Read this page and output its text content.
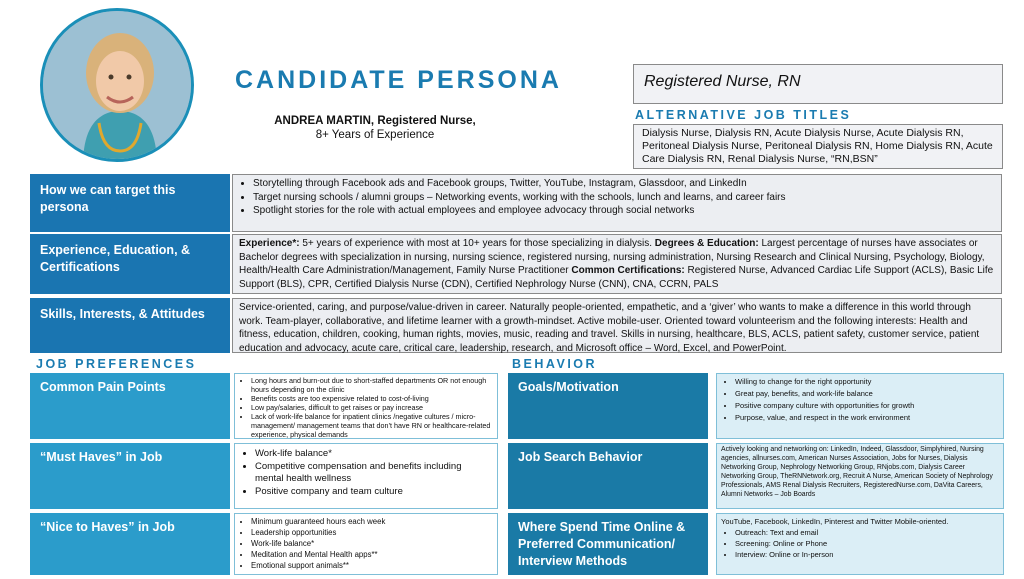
CANDIDATE PERSONA
ANDREA MARTIN, Registered Nurse,
8+ Years of Experience
Registered Nurse, RN
ALTERNATIVE JOB TITLES
Dialysis Nurse, Dialysis RN, Acute Dialysis Nurse, Acute Dialysis RN, Peritoneal Dialysis Nurse, Peritoneal Dialysis RN, Home Dialysis RN, Acute Care Dialysis RN, Renal Dialysis Nurse, “RN,BSN”
How we can target this persona
• Storytelling through Facebook ads and Facebook groups, Twitter, YouTube, Instagram, Glassdoor, and LinkedIn
• Target nursing schools / alumni groups – Networking events, working with the schools, lunch and learns, and career fairs
• Spotlight stories for the role with actual employees and employee advocacy through social networks
Experience, Education, & Certifications
Experience*: 5+ years of experience with most at 10+ years for those specializing in dialysis. Degrees & Education: Largest percentage of nurses have associates or Bachelor degrees with specialization in nursing, nursing science, registered nursing, nursing administration, Nursing Research and Clinical Nursing, Psychology, Biology, Health/Health Care Administration/Management, Family Nurse Practitioner Common Certifications: Registered Nurse, Advanced Cardiac Life Support (ACLS), Basic Life Support (BLS), CPR, Certified Dialysis Nurse (CDN), Certified Nephrology Nurse (CNN), CNA, CCRN, PALS
Skills, Interests, & Attitudes	Service-oriented, caring, and purpose/value-driven in career. Naturally people-oriented, empathetic, and a ‘giver’ who wants to make a difference in this world through work. Team-player, collaborative, and lifetime learner with a growth-mindset. Active mobile-user. Oriented toward volunteerism and the following interests: Health and fitness, education, children, cooking, human rights, movies, music, reading and travel. Skills in nursing, healthcare, BLS, ACLS, patient safety, customer service, patient education and advocacy, acute care, critical care, leadership, research, and Microsoft office – Word, Excel, and PowerPoint.
JOB PREFERENCES	BEHAVIOR
Common Pain Points	• Long hours and burn-out due to short-staffed departments OR not enough hours depending on the clinic
• Benefits costs are too expensive related to cost-of-living
• Low pay/salaries, difficult to get raises or pay increase
• Lack of work-life balance for inpatient clinics /negative cultures / micro-management/ management teams that don’t have RN or healthcare-related experience, physical demands
“Must Haves” in Job	• Work-life balance*
• Competitive compensation and benefits including mental health wellness
• Positive company and team culture
“Nice to Haves” in Job	• Minimum guaranteed hours each week
• Leadership opportunities
• Work-life balance*
• Meditation and Mental Health apps**
• Emotional support animals**
Goals/Motivation	• Willing to change for the right opportunity
• Great pay, benefits, and work-life balance
• Positive company culture with opportunities for growth
• Purpose, value, and respect in the work environment
Job Search Behavior
Actively looking and networking on: LinkedIn, Indeed, Glassdoor, Simplyhired, Nursing agencies, allnurses.com, American Nurses Association, Jobs for Nurses, Dialysis Networking Group, Nephrology Networking Group, RNjobs.com, Dialysis Career Networking Group, TheRNNetwork.org, Recruit A Nurse, American Society of Nephrology Professionals, AMS Renal Dialysis Recruiters, RegisteredNurse.com, DaVita Careers, Alumni Networks – Job Boards
Where Spend Time Online & Preferred Communication/ Interview Methods
YouTube, Facebook, LinkedIn, Pinterest and Twitter Mobile-oriented.
• Outreach: Text and email
• Screening: Online or Phone
• Interview: Online or In-person
